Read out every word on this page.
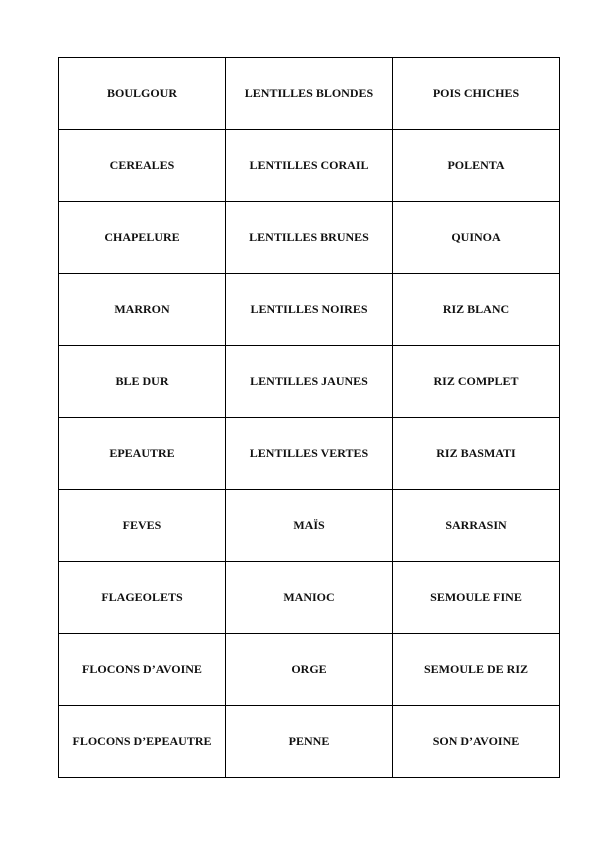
BOULGOUR	LENTILLES BLONDES	POIS CHICHES
CEREALES	LENTILLES CORAIL	POLENTA
CHAPELURE	LENTILLES BRUNES	QUINOA
MARRON	LENTILLES NOIRES	RIZ BLANC
BLE DUR	LENTILLES JAUNES	RIZ COMPLET
EPEAUTRE	LENTILLES VERTES	RIZ BASMATI
FEVES	MAÏS	SARRASIN
FLAGEOLETS	MANIOC	SEMOULE FINE
FLOCONS D’AVOINE	ORGE	SEMOULE DE RIZ
FLOCONS D’EPEAUTRE	PENNE	SON D’AVOINE
